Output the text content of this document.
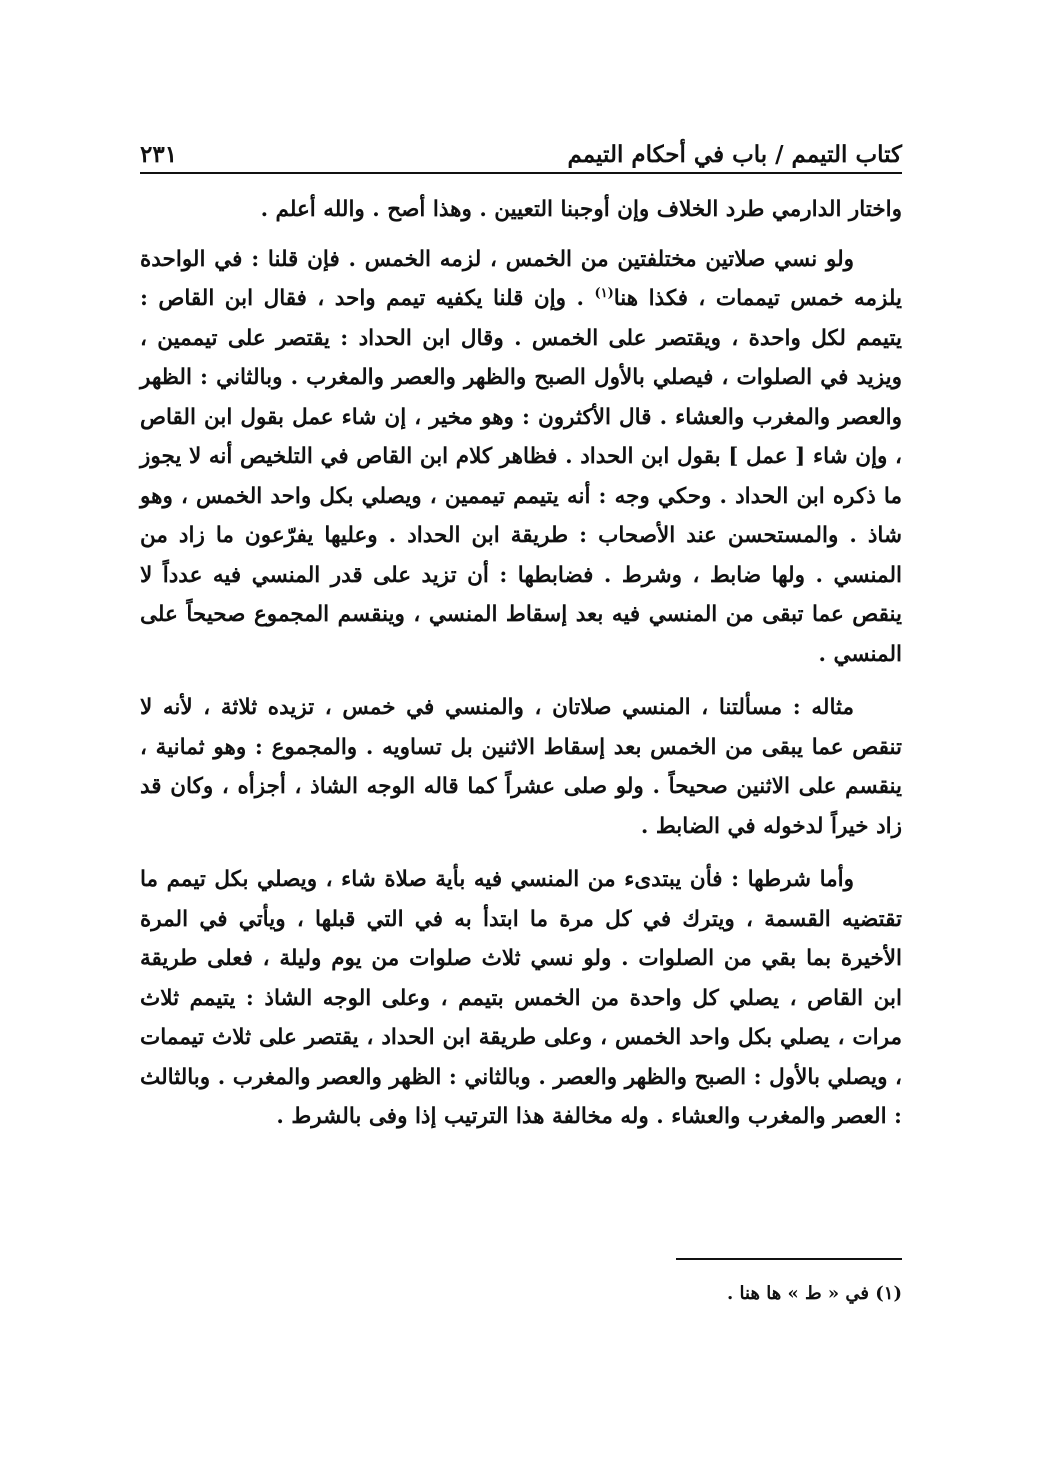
كتاب التيمم / باب في أحكام التيمم
٢٣١

واختار الدارمي طرد الخلاف وإن أوجبنا التعيين . وهذا أصح . والله أعلم .

ولو نسي صلاتين مختلفتين من الخمس ، لزمه الخمس . فإن قلنا : في الواحدة يلزمه خمس تيممات ، فكذا هنا$^{(١)}$ . وإن قلنا يكفيه تيمم واحد ، فقال ابن القاص : يتيمم لكل واحدة ، ويقتصر على الخمس . وقال ابن الحداد : يقتصر على تيممين ، ويزيد في الصلوات ، فيصلي بالأول الصبح والظهر والعصر والمغرب . وبالثاني : الظهر والعصر والمغرب والعشاء . قال الأكثرون : وهو مخير ، إن شاء عمل بقول ابن القاص ، وإن شاء [ عمل ] بقول ابن الحداد . فظاهر كلام ابن القاص في التلخيص أنه لا يجوز ما ذكره ابن الحداد . وحكي وجه : أنه يتيمم تيممين ، ويصلي بكل واحد الخمس ، وهو شاذ . والمستحسن عند الأصحاب : طريقة ابن الحداد . وعليها يفرّعون ما زاد من المنسي . ولها ضابط ، وشرط . فضابطها : أن تزيد على قدر المنسي فيه عدداً لا ينقص عما تبقى من المنسي فيه بعد إسقاط المنسي ، وينقسم المجموع صحيحاً على المنسي .

مثاله : مسألتنا ، المنسي صلاتان ، والمنسي في خمس ، تزيده ثلاثة ، لأنه لا تنقص عما يبقى من الخمس بعد إسقاط الاثنين بل تساويه . والمجموع : وهو ثمانية ، ينقسم على الاثنين صحيحاً . ولو صلى عشراً كما قاله الوجه الشاذ ، أجزأه ، وكان قد زاد خيراً لدخوله في الضابط .

وأما شرطها : فأن يبتدىء من المنسي فيه بأية صلاة شاء ، ويصلي بكل تيمم ما تقتضيه القسمة ، ويترك في كل مرة ما ابتدأ به في التي قبلها ، ويأتي في المرة الأخيرة بما بقي من الصلوات . ولو نسي ثلاث صلوات من يوم وليلة ، فعلى طريقة ابن القاص ، يصلي كل واحدة من الخمس بتيمم ، وعلى الوجه الشاذ : يتيمم ثلاث مرات ، يصلي بكل واحد الخمس ، وعلى طريقة ابن الحداد ، يقتصر على ثلاث تيممات ، ويصلي بالأول : الصبح والظهر والعصر . وبالثاني : الظهر والعصر والمغرب . وبالثالث : العصر والمغرب والعشاء . وله مخالفة هذا الترتيب إذا وفى بالشرط .

(١) في « ط » ها هنا .
